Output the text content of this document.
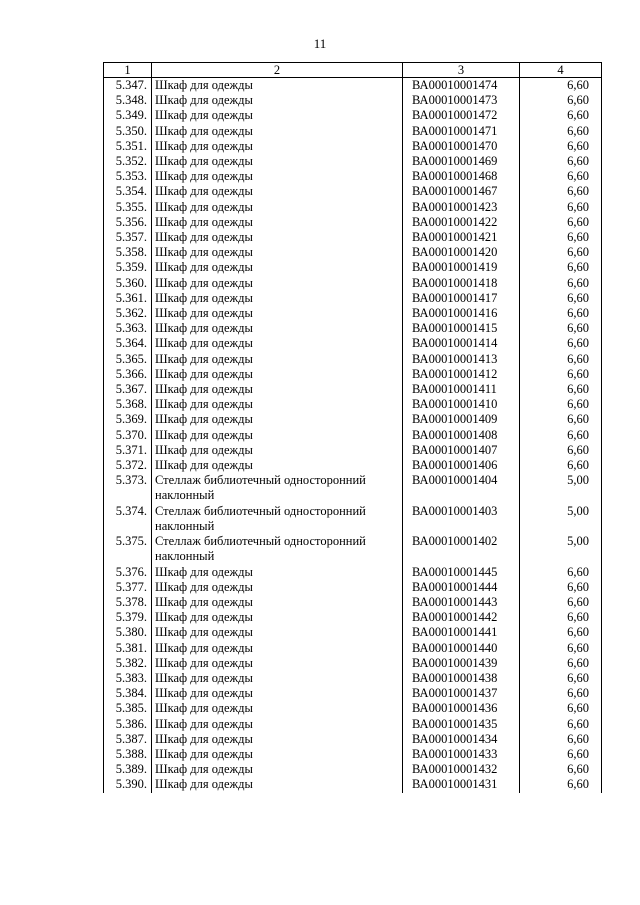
11
1	2	3	4
5.347.	Шкаф для одежды	ВА00010001474	6,60
5.348.	Шкаф для одежды	ВА00010001473	6,60
5.349.	Шкаф для одежды	ВА00010001472	6,60
5.350.	Шкаф для одежды	ВА00010001471	6,60
5.351.	Шкаф для одежды	ВА00010001470	6,60
5.352.	Шкаф для одежды	ВА00010001469	6,60
5.353.	Шкаф для одежды	ВА00010001468	6,60
5.354.	Шкаф для одежды	ВА00010001467	6,60
5.355.	Шкаф для одежды	ВА00010001423	6,60
5.356.	Шкаф для одежды	ВА00010001422	6,60
5.357.	Шкаф для одежды	ВА00010001421	6,60
5.358.	Шкаф для одежды	ВА00010001420	6,60
5.359.	Шкаф для одежды	ВА00010001419	6,60
5.360.	Шкаф для одежды	ВА00010001418	6,60
5.361.	Шкаф для одежды	ВА00010001417	6,60
5.362.	Шкаф для одежды	ВА00010001416	6,60
5.363.	Шкаф для одежды	ВА00010001415	6,60
5.364.	Шкаф для одежды	ВА00010001414	6,60
5.365.	Шкаф для одежды	ВА00010001413	6,60
5.366.	Шкаф для одежды	ВА00010001412	6,60
5.367.	Шкаф для одежды	ВА00010001411	6,60
5.368.	Шкаф для одежды	ВА00010001410	6,60
5.369.	Шкаф для одежды	ВА00010001409	6,60
5.370.	Шкаф для одежды	ВА00010001408	6,60
5.371.	Шкаф для одежды	ВА00010001407	6,60
5.372.	Шкаф для одежды	ВА00010001406	6,60
5.373.	Стеллаж библиотечный односторонний наклонный	ВА00010001404	5,00
5.374.	Стеллаж библиотечный односторонний наклонный	ВА00010001403	5,00
5.375.	Стеллаж библиотечный односторонний наклонный	ВА00010001402	5,00
5.376.	Шкаф для одежды	ВА00010001445	6,60
5.377.	Шкаф для одежды	ВА00010001444	6,60
5.378.	Шкаф для одежды	ВА00010001443	6,60
5.379.	Шкаф для одежды	ВА00010001442	6,60
5.380.	Шкаф для одежды	ВА00010001441	6,60
5.381.	Шкаф для одежды	ВА00010001440	6,60
5.382.	Шкаф для одежды	ВА00010001439	6,60
5.383.	Шкаф для одежды	ВА00010001438	6,60
5.384.	Шкаф для одежды	ВА00010001437	6,60
5.385.	Шкаф для одежды	ВА00010001436	6,60
5.386.	Шкаф для одежды	ВА00010001435	6,60
5.387.	Шкаф для одежды	ВА00010001434	6,60
5.388.	Шкаф для одежды	ВА00010001433	6,60
5.389.	Шкаф для одежды	ВА00010001432	6,60
5.390.	Шкаф для одежды	ВА00010001431	6,60
